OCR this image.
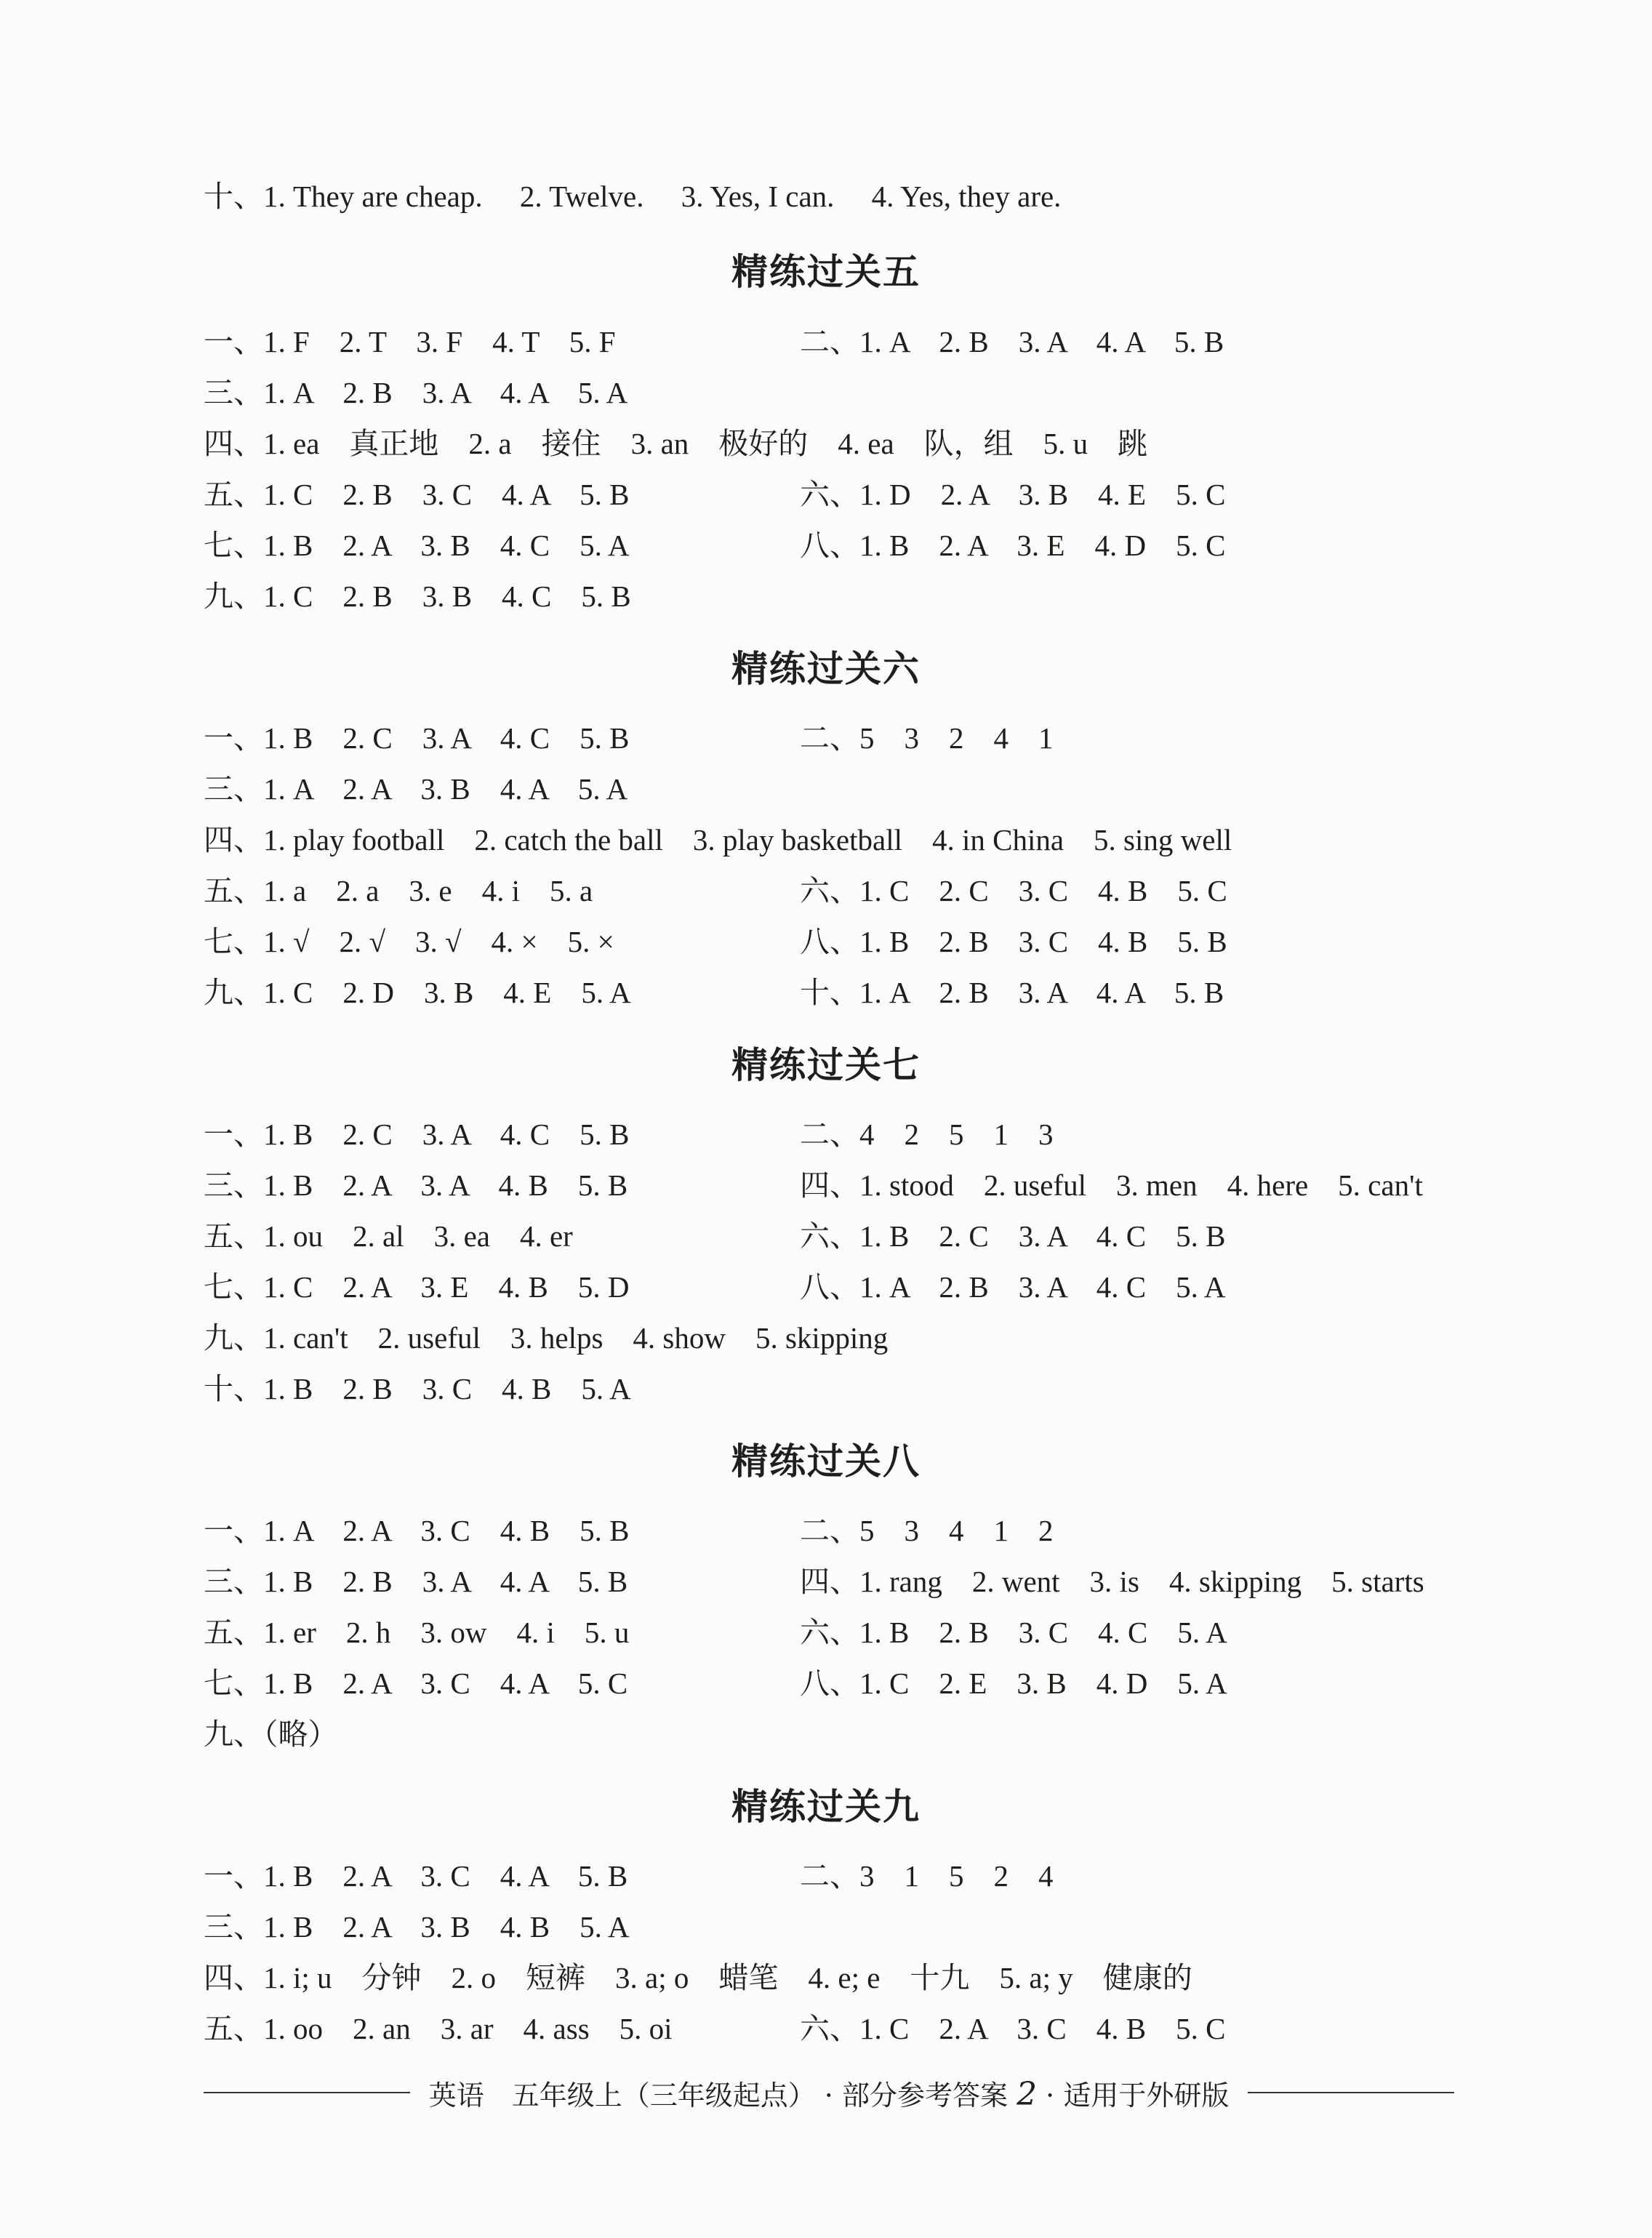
十、1. They are cheap.　 2. Twelve.　 3. Yes, I can.　 4. Yes, they are.
精练过关五
一、1. F　2. T　3. F　4. T　5. F	二、1. A　2. B　3. A　4. A　5. B
三、1. A　2. B　3. A　4. A　5. A
四、1. ea　真正地　2. a　接住　3. an　极好的　4. ea　队，组　5. u　跳
五、1. C　2. B　3. C　4. A　5. B	六、1. D　2. A　3. B　4. E　5. C
七、1. B　2. A　3. B　4. C　5. A	八、1. B　2. A　3. E　4. D　5. C
九、1. C　2. B　3. B　4. C　5. B
精练过关六
一、1. B　2. C　3. A　4. C　5. B	二、5　3　2　4　1
三、1. A　2. A　3. B　4. A　5. A
四、1. play football　2. catch the ball　3. play basketball　4. in China　5. sing well
五、1. a　2. a　3. e　4. i　5. a	六、1. C　2. C　3. C　4. B　5. C
七、1. √　2. √　3. √　4. ×　5. ×	八、1. B　2. B　3. C　4. B　5. B
九、1. C　2. D　3. B　4. E　5. A	十、1. A　2. B　3. A　4. A　5. B
精练过关七
一、1. B　2. C　3. A　4. C　5. B	二、4　2　5　1　3
三、1. B　2. A　3. A　4. B　5. B	四、1. stood　2. useful　3. men　4. here　5. can't
五、1. ou　2. al　3. ea　4. er	六、1. B　2. C　3. A　4. C　5. B
七、1. C　2. A　3. E　4. B　5. D	八、1. A　2. B　3. A　4. C　5. A
九、1. can't　2. useful　3. helps　4. show　5. skipping
十、1. B　2. B　3. C　4. B　5. A
精练过关八
一、1. A　2. A　3. C　4. B　5. B	二、5　3　4　1　2
三、1. B　2. B　3. A　4. A　5. B	四、1. rang　2. went　3. is　4. skipping　5. starts
五、1. er　2. h　3. ow　4. i　5. u	六、1. B　2. B　3. C　4. C　5. A
七、1. B　2. A　3. C　4. A　5. C	八、1. C　2. E　3. B　4. D　5. A
九、（略）
精练过关九
一、1. B　2. A　3. C　4. A　5. B	二、3　1　5　2　4
三、1. B　2. A　3. B　4. B　5. A
四、1. i; u　分钟　2. o　短裤　3. a; o　蜡笔　4. e; e　十九　5. a; y　健康的
五、1. oo　2. an　3. ar　4. ass　5. oi	六、1. C　2. A　3. C　4. B　5. C
英语　五年级上（三年级起点） · 部分参考答案 2 · 适用于外研版
